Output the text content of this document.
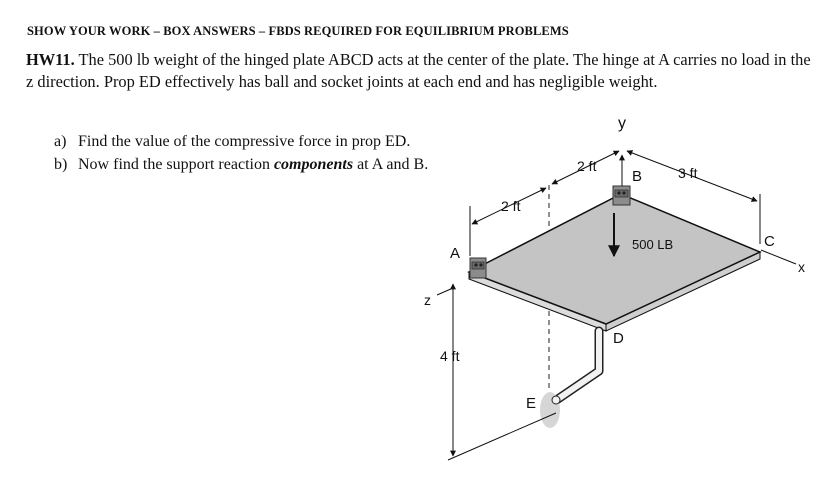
SHOW YOUR WORK – BOX ANSWERS – FBDS REQUIRED FOR EQUILIBRIUM PROBLEMS
HW11. The 500 lb weight of the hinged plate ABCD acts at the center of the plate. The hinge at A carries no load in the z direction. Prop ED effectively has ball and socket joints at each end and has negligible weight.
a) Find the value of the compressive force in prop ED.
b) Now find the support reaction components at A and B.
y
x
z
A
B
C
D
E
2 ft
2 ft	3 ft
4 ft
500 LB
